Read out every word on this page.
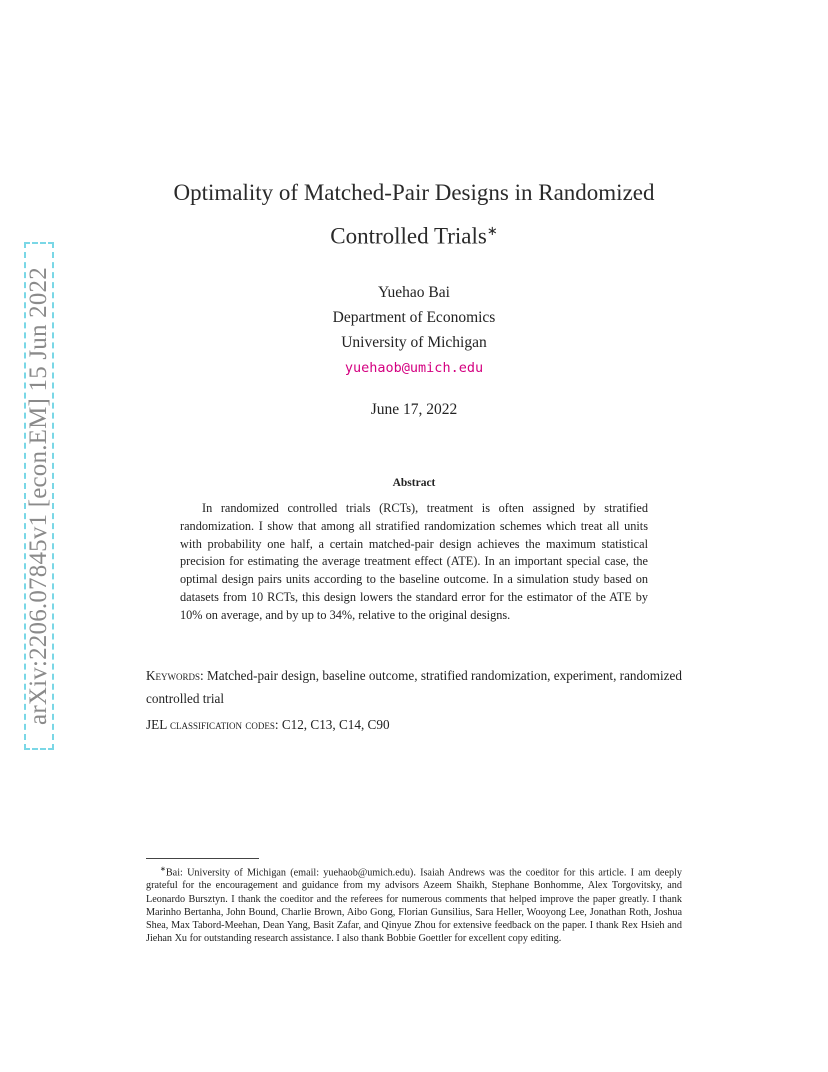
arXiv:2206.07845v1 [econ.EM] 15 Jun 2022
Optimality of Matched-Pair Designs in Randomized
Controlled Trials∗
Yuehao Bai
Department of Economics
University of Michigan
yuehaob@umich.edu
June 17, 2022
Abstract
In randomized controlled trials (RCTs), treatment is often assigned by stratified randomization. I show that among all stratified randomization schemes which treat all units with probability one half, a certain matched-pair design achieves the maximum statistical precision for estimating the average treatment effect (ATE). In an important special case, the optimal design pairs units according to the baseline outcome. In a simulation study based on datasets from 10 RCTs, this design lowers the standard error for the estimator of the ATE by 10% on average, and by up to 34%, relative to the original designs.
Keywords: Matched-pair design, baseline outcome, stratified randomization, experiment, randomized controlled trial
JEL classification codes: C12, C13, C14, C90
∗Bai: University of Michigan (email: yuehaob@umich.edu). Isaiah Andrews was the coeditor for this article. I am deeply grateful for the encouragement and guidance from my advisors Azeem Shaikh, Stephane Bonhomme, Alex Torgovitsky, and Leonardo Bursztyn. I thank the coeditor and the referees for numerous comments that helped improve the paper greatly. I thank Marinho Bertanha, John Bound, Charlie Brown, Aibo Gong, Florian Gunsilius, Sara Heller, Wooyong Lee, Jonathan Roth, Joshua Shea, Max Tabord-Meehan, Dean Yang, Basit Zafar, and Qinyue Zhou for extensive feedback on the paper. I thank Rex Hsieh and Jiehan Xu for outstanding research assistance. I also thank Bobbie Goettler for excellent copy editing.
